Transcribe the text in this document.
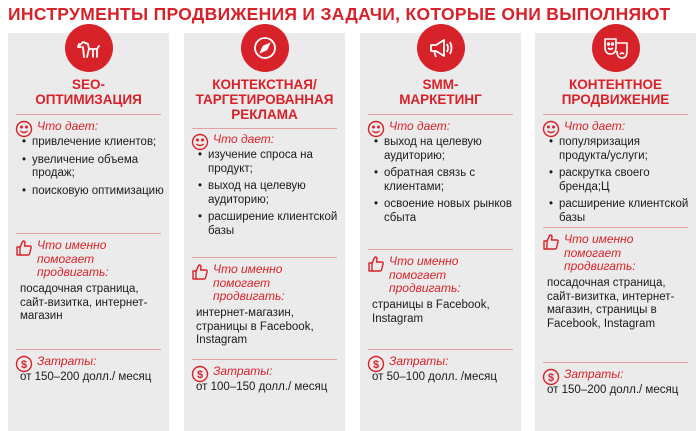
ИНСТРУМЕНТЫ ПРОДВИЖЕНИЯ И ЗАДАЧИ, КОТОРЫЕ ОНИ ВЫПОЛНЯЮТ
SEO-
ОПТИМИЗАЦИЯ
Что дает:
• привлечение клиентов;
• увеличение объема продаж;
• поисковую оптимизацию
Что именно помогает продвигать:
посадочная страница, сайт-визитка, интернет-магазин
$ Затраты:
от 150–200 долл./ месяц
КОНТЕКСТНАЯ/
ТАРГЕТИРОВАННАЯ
РЕКЛАМА
Что дает:
• изучение спроса на продукт;
• выход на целевую аудиторию;
• расширение клиентской базы
Что именно помогает продвигать:
интернет-магазин, страницы в Facebook, Instagram
$ Затраты:
от 100–150 долл./ месяц
SMM-
МАРКЕТИНГ
Что дает:
• выход на целевую аудиторию;
• обратная связь с клиентами;
• освоение новых рынков сбыта
Что именно помогает продвигать:
страницы в Facebook, Instagram
$ Затраты:
от 50–100 долл. /месяц
КОНТЕНТНОЕ
ПРОДВИЖЕНИЕ
Что дает:
• популяризация продукта/услуги;
• раскрутка своего бренда;Ц
• расширение клиентской базы
Что именно помогает продвигать:
посадочная страница, сайт-визитка, интернет-магазин, страницы в Facebook, Instagram
$ Затраты:
от 150–200 долл./ месяц
